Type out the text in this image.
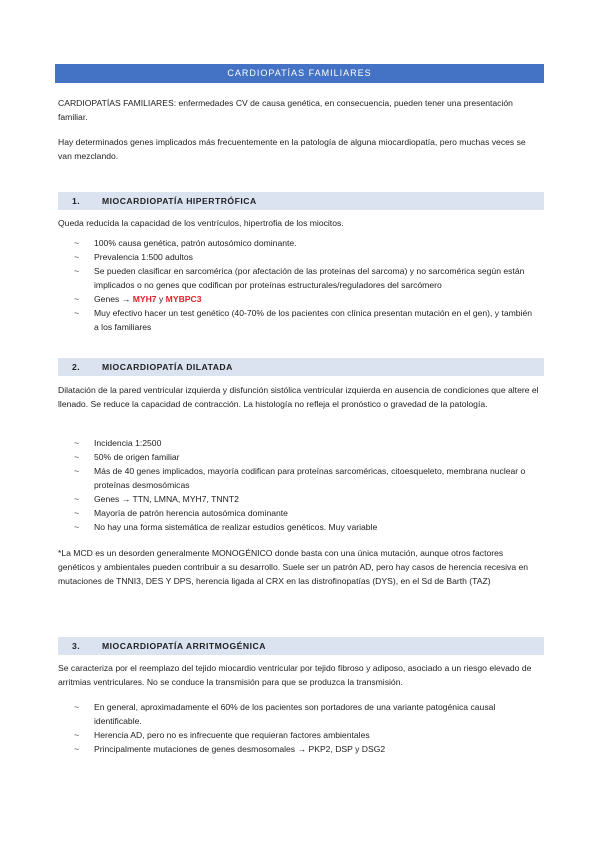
CARDIOPATÍAS FAMILIARES
CARDIOPATÍAS FAMILIARES: enfermedades CV de causa genética, en consecuencia, pueden tener una presentación familiar.
Hay determinados genes implicados más frecuentemente en la patología de alguna miocardiopatía, pero muchas veces se van mezclando.
1.	MIOCARDIOPATÍA HIPERTRÓFICA
Queda reducida la capacidad de los ventrículos, hipertrofia de los miocitos.
~ 100% causa genética, patrón autosómico dominante.
~ Prevalencia 1:500 adultos
~ Se pueden clasificar en sarcomérica (por afectación de las proteínas del sarcoma) y no sarcomérica según están implicados o no genes que codifican por proteínas estructurales/reguladores del sarcómero
~ Genes → MYH7 y MYBPC3
~ Muy efectivo hacer un test genético (40-70% de los pacientes con clínica presentan mutación en el gen), y también a los familiares
2.	MIOCARDIOPATÍA DILATADA
Dilatación de la pared ventricular izquierda y disfunción sistólica ventricular izquierda en ausencia de condiciones que altere el llenado. Se reduce la capacidad de contracción. La histología no refleja el pronóstico o gravedad de la patología.
~ Incidencia 1:2500
~ 50% de origen familiar
~ Más de 40 genes implicados, mayoría codifican para proteínas sarcoméricas, citoesqueleto, membrana nuclear o proteínas desmosómicas
~ Genes → TTN, LMNA, MYH7, TNNT2
~ Mayoría de patrón herencia autosómica dominante
~ No hay una forma sistemática de realizar estudios genéticos. Muy variable
*La MCD es un desorden generalmente MONOGÉNICO donde basta con una única mutación, aunque otros factores genéticos y ambientales pueden contribuir a su desarrollo. Suele ser un patrón AD, pero hay casos de herencia recesiva en mutaciones de TNNI3, DES Y DPS, herencia ligada al CRX en las distrofinopatías (DYS), en el Sd de Barth (TAZ)
3.	MIOCARDIOPATÍA ARRITMOGÉNICA
Se caracteriza por el reemplazo del tejido miocardio ventricular por tejido fibroso y adiposo, asociado a un riesgo elevado de arritmias ventriculares. No se conduce la transmisión para que se produzca la transmisión.
~ En general, aproximadamente el 60% de los pacientes son portadores de una variante patogénica causal identificable.
~ Herencia AD, pero no es infrecuente que requieran factores ambientales
~ Principalmente mutaciones de genes desmosomales → PKP2, DSP y DSG2
